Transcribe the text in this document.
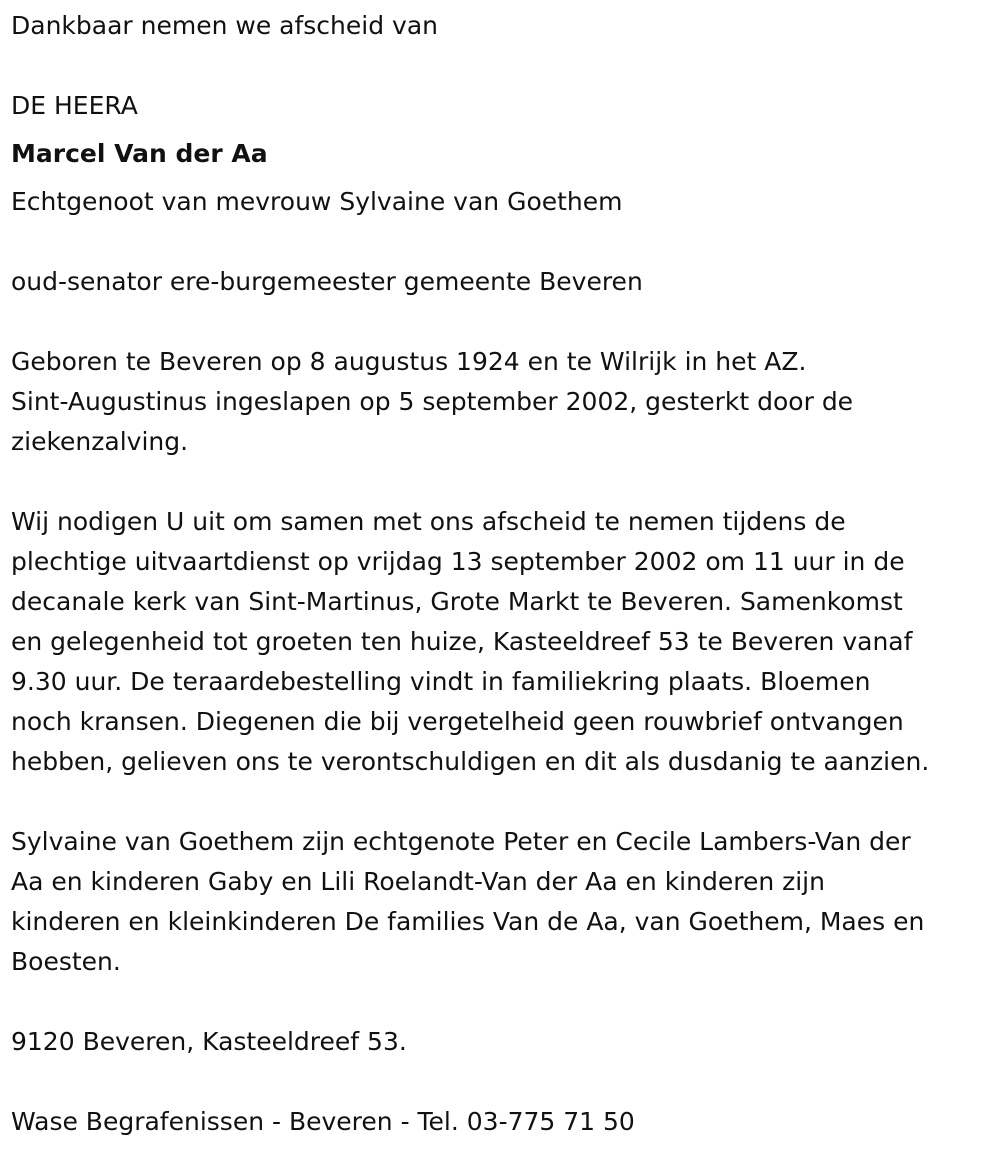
Dankbaar nemen we afscheid van

DE HEERA

Marcel Van der Aa

Echtgenoot van mevrouw Sylvaine van Goethem

oud-senator ere-burgemeester gemeente Beveren

Geboren te Beveren op 8 augustus 1924 en te Wilrijk in het AZ.
Sint-Augustinus ingeslapen op 5 september 2002, gesterkt door de
ziekenzalving.
Wij nodigen U uit om samen met ons afscheid te nemen tijdens de
plechtige uitvaartdienst op vrijdag 13 september 2002 om 11 uur in de
decanale kerk van Sint-Martinus, Grote Markt te Beveren. Samenkomst
en gelegenheid tot groeten ten huize, Kasteeldreef 53 te Beveren vanaf
9.30 uur. De teraardebestelling vindt in familiekring plaats. Bloemen
noch kransen. Diegenen die bij vergetelheid geen rouwbrief ontvangen
hebben, gelieven ons te verontschuldigen en dit als dusdanig te aanzien.
Sylvaine van Goethem zijn echtgenote Peter en Cecile Lambers-Van der
Aa en kinderen Gaby en Lili Roelandt-Van der Aa en kinderen zijn
kinderen en kleinkinderen De families Van de Aa, van Goethem, Maes en
Boesten.

9120 Beveren, Kasteeldreef 53.

Wase Begrafenissen - Beveren - Tel. 03-775 71 50
